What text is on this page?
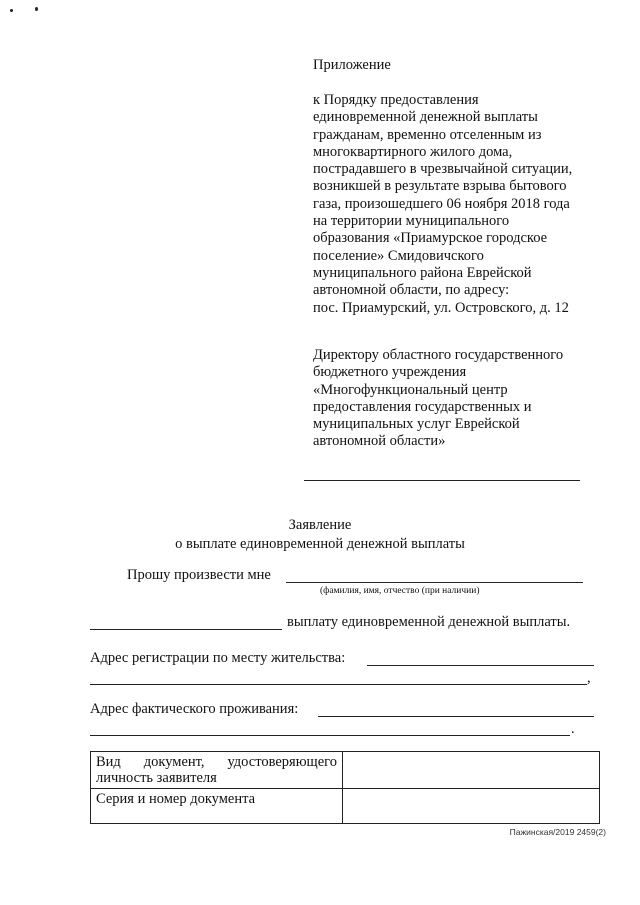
Приложение
к Порядку предоставления
единовременной денежной выплаты
гражданам, временно отселенным из
многоквартирного жилого дома,
пострадавшего в чрезвычайной ситуации,
возникшей в результате взрыва бытового
газа, произошедшего 06 ноября 2018 года
на территории муниципального
образования «Приамурское городское
поселение» Смидовичского
муниципального района Еврейской
автономной области, по адресу:
пос. Приамурский, ул. Островского, д. 12
Директору областного государственного
бюджетного учреждения
«Многофункциональный центр
предоставления государственных и
муниципальных услуг Еврейской
автономной области»
Заявление
о выплате единовременной денежной выплаты
Прошу произвести мне
(фамилия, имя, отчество (при наличии)
выплату единовременной денежной выплаты.
Адрес регистрации по месту жительства:
,
Адрес фактического проживания:
.
Вид документ, удостоверяющего личность заявителя	
Серия и номер документа	
Пажинская/2019 2459(2)
